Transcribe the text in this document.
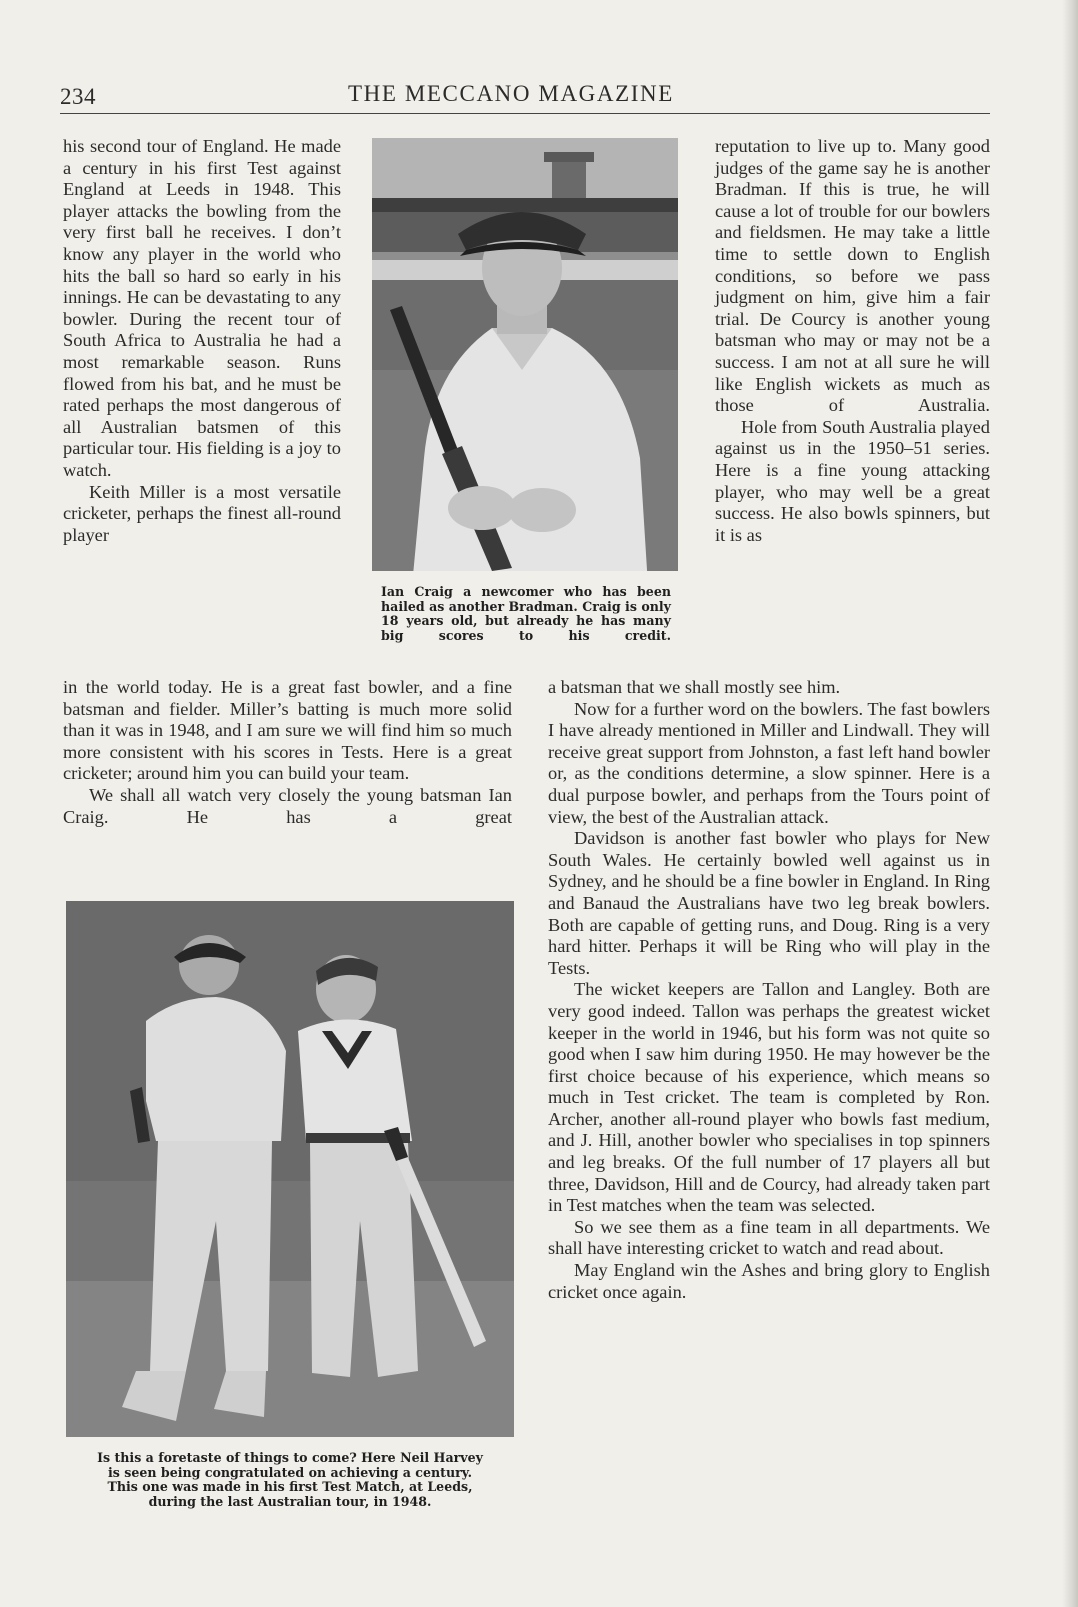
234	THE MECCANO MAGAZINE

his second tour of England. He made a century in his first Test against England at Leeds in 1948. This player attacks the bowling from the very first ball he receives. I don’t know any player in the world who hits the ball so hard so early in his innings. He can be devastating to any bowler. During the recent tour of South Africa to Australia he had a most remarkable season. Runs flowed from his bat, and he must be rated perhaps the most dangerous of all Australian batsmen of this particular tour. His fielding is a joy to watch.

Keith Miller is a most versatile cricketer, perhaps the finest all-round player

Ian Craig a newcomer who has been hailed as another Bradman. Craig is only 18 years old, but already he has many big scores to his credit.

reputation to live up to. Many good judges of the game say he is another Bradman. If this is true, he will cause a lot of trouble for our bowlers and fieldsmen. He may take a little time to settle down to English conditions, so before we pass judgment on him, give him a fair trial. De Courcy is another young batsman who may or may not be a success. I am not at all sure he will like English wickets as much as those of Australia.

Hole from South Australia played against us in the 1950–51 series. Here is a fine young attacking player, who may well be a great success. He also bowls spinners, but it is as

in the world today. He is a great fast bowler, and a fine batsman and fielder. Miller’s batting is much more solid than it was in 1948, and I am sure we will find him so much more consistent with his scores in Tests. Here is a great cricketer; around him you can build your team.

We shall all watch very closely the young batsman Ian Craig. He has a great

Is this a foretaste of things to come? Here Neil Harvey

is seen being congratulated on achieving a century.

This one was made in his first Test Match, at Leeds,

during the last Australian tour, in 1948.

a batsman that we shall mostly see him.

Now for a further word on the bowlers. The fast bowlers I have already mentioned in Miller and Lindwall. They will receive great support from Johnston, a fast left hand bowler or, as the conditions determine, a slow spinner. Here is a dual purpose bowler, and perhaps from the Tours point of view, the best of the Australian attack.

Davidson is another fast bowler who plays for New South Wales. He certainly bowled well against us in Sydney, and he should be a fine bowler in England. In Ring and Banaud the Australians have two leg break bowlers. Both are capable of getting runs, and Doug. Ring is a very hard hitter. Perhaps it will be Ring who will play in the Tests.

The wicket keepers are Tallon and Langley. Both are very good indeed. Tallon was perhaps the greatest wicket keeper in the world in 1946, but his form was not quite so good when I saw him during 1950. He may however be the first choice because of his experience, which means so much in Test cricket. The team is completed by Ron. Archer, another all-round player who bowls fast medium, and J. Hill, another bowler who specialises in top spinners and leg breaks. Of the full number of 17 players all but three, Davidson, Hill and de Courcy, had already taken part in Test matches when the team was selected.

So we see them as a fine team in all departments. We shall have interesting cricket to watch and read about.

May England win the Ashes and bring glory to English cricket once again.
